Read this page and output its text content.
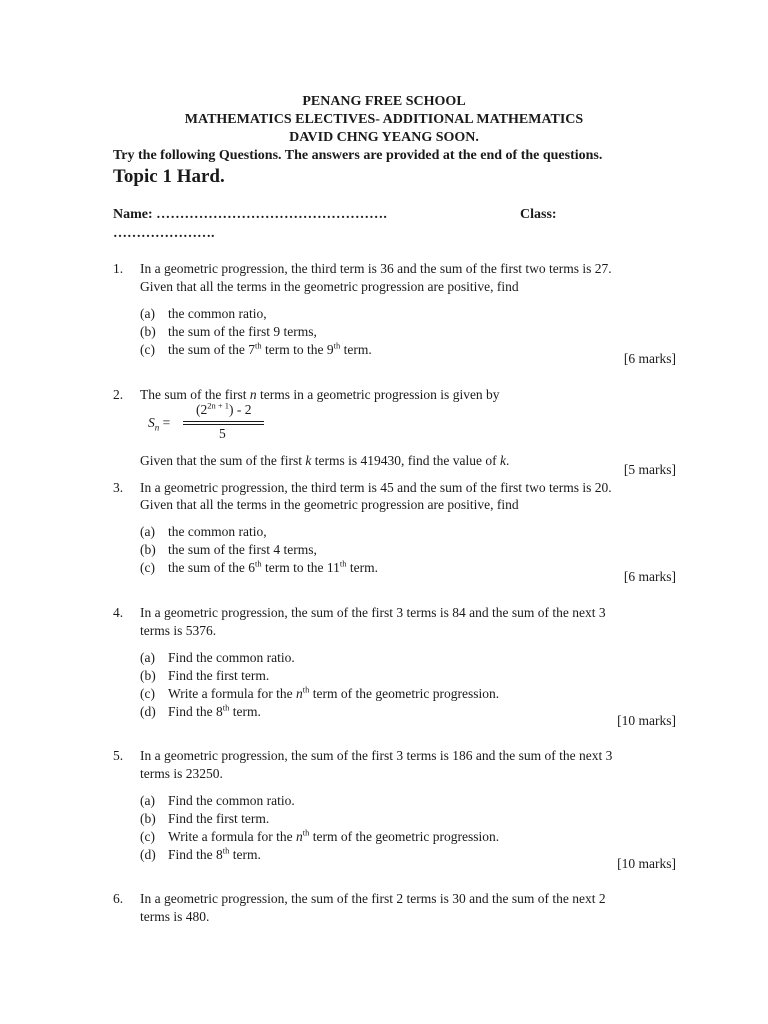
PENANG FREE SCHOOL
MATHEMATICS ELECTIVES- ADDITIONAL MATHEMATICS
DAVID CHNG YEANG SOON.
Try the following Questions. The answers are provided at the end of the questions.
Topic 1 Hard.
Name: ………………………………………….	Class:
………………….
1. In a geometric progression, the third term is 36 and the sum of the first two terms is 27.
Given that all the terms in the geometric progression are positive, find
(a) the common ratio,
(b) the sum of the first 9 terms,
(c) the sum of the 7th term to the 9th term.
[6 marks]
2. The sum of the first n terms in a geometric progression is given by
$S_n$ =
$(2^{2n + 1}) - 2$
5
Given that the sum of the first k terms is 419430, find the value of k.
[5 marks]
3. In a geometric progression, the third term is 45 and the sum of the first two terms is 20.
Given that all the terms in the geometric progression are positive, find
(a) the common ratio,
(b) the sum of the first 4 terms,
(c) the sum of the 6th term to the 11th term.
[6 marks]
4. In a geometric progression, the sum of the first 3 terms is 84 and the sum of the next 3
terms is 5376.
(a) Find the common ratio.
(b) Find the first term.
(c) Write a formula for the $n^{th}$ term of the geometric progression.
(d) Find the 8th term.
[10 marks]
5. In a geometric progression, the sum of the first 3 terms is 186 and the sum of the next 3
terms is 23250.
(a) Find the common ratio.
(b) Find the first term.
(c) Write a formula for the $n^{th}$ term of the geometric progression.
(d) Find the 8th term.
[10 marks]
6. In a geometric progression, the sum of the first 2 terms is 30 and the sum of the next 2
terms is 480.
